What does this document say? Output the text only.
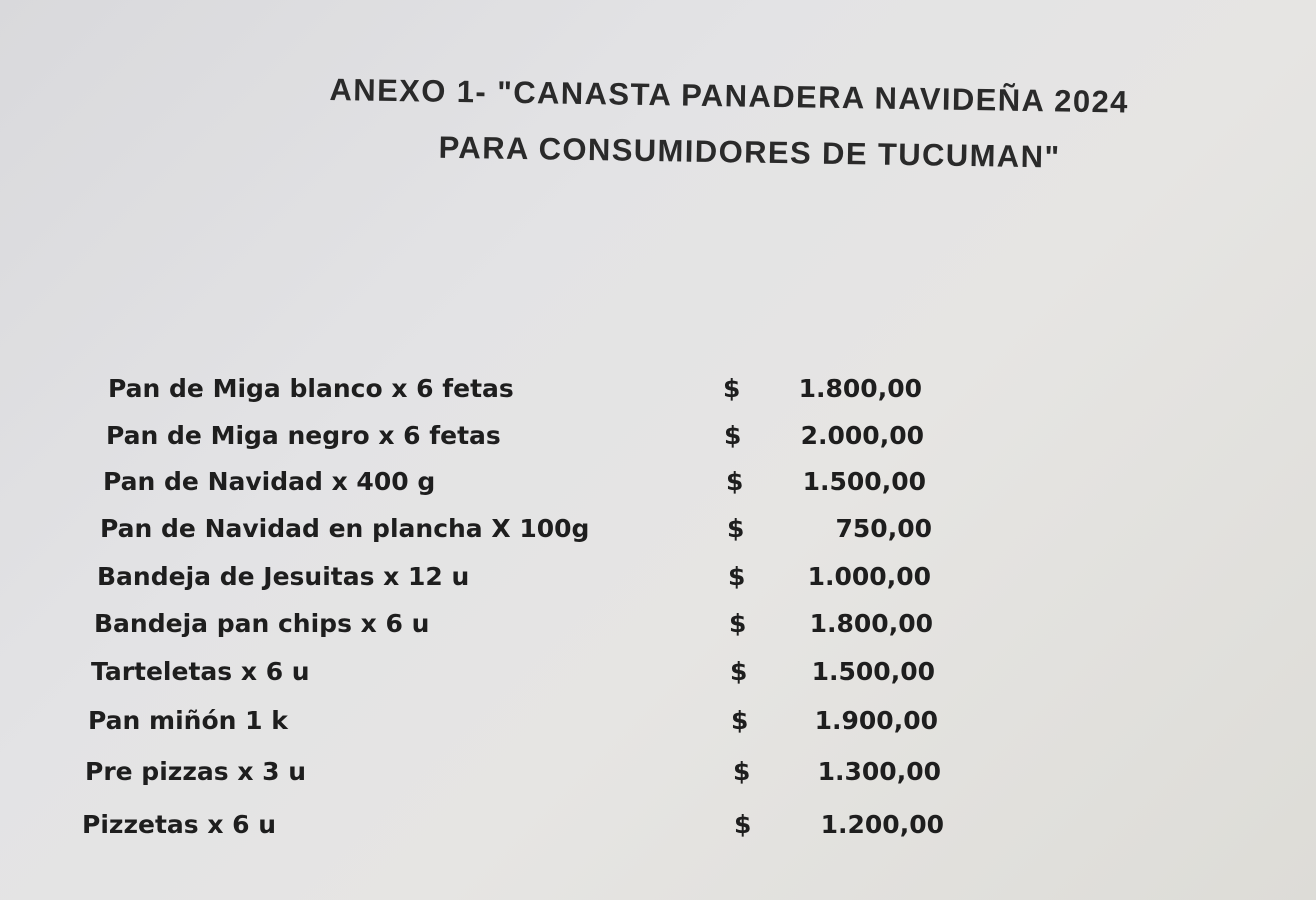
ANEXO 1- "CANASTA PANADERA NAVIDEÑA 2024
PARA CONSUMIDORES DE TUCUMAN"
Pan de Miga blanco x 6 fetas	$	1.800,00
Pan de Miga negro x 6 fetas	$	2.000,00
Pan de Navidad x 400 g	$	1.500,00
Pan de Navidad en plancha X 100g	$	750,00
Bandeja de Jesuitas x 12 u	$	1.000,00
Bandeja pan chips x 6 u	$	1.800,00
Tarteletas x 6 u	$	1.500,00
Pan miñón 1 k	$	1.900,00
Pre pizzas x 3 u	$	1.300,00
Pizzetas x 6 u	$	1.200,00
